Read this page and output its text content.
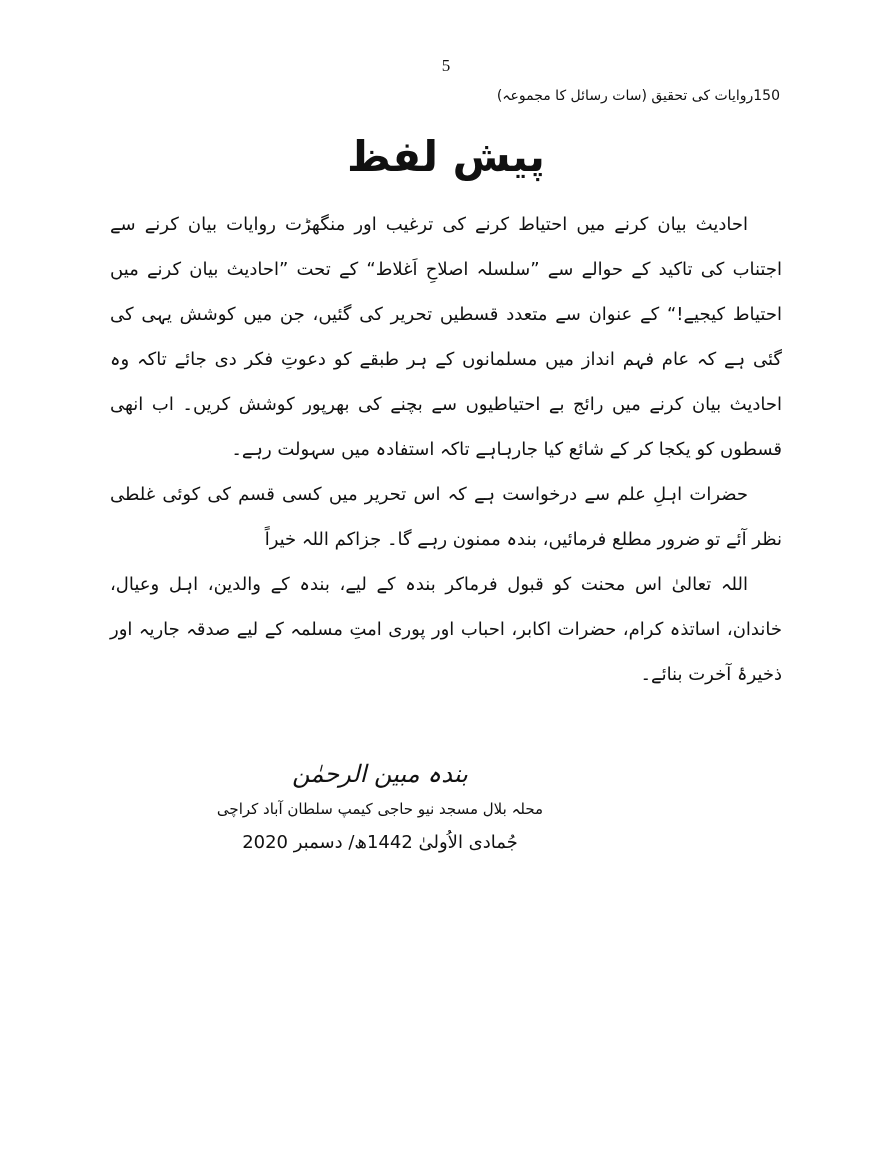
5
150روایات کی تحقیق (سات رسائل کا مجموعہ)
پیش لفظ

احادیث بیان کرنے میں احتیاط کرنے کی ترغیب اور منگھڑت روایات بیان کرنے سے اجتناب کی تاکید کے حوالے سے ”سلسلہ اصلاحِ اَغلاط“ کے تحت ”احادیث بیان کرنے میں احتیاط کیجیے!“ کے عنوان سے متعدد قسطیں تحریر کی گئیں، جن میں کوشش یہی کی گئی ہے کہ عام فہم انداز میں مسلمانوں کے ہر طبقے کو دعوتِ فکر دی جائے تاکہ وہ احادیث بیان کرنے میں رائج بے احتیاطیوں سے بچنے کی بھرپور کوشش کریں۔ اب انھی قسطوں کو یکجا کر کے شائع کیا جارہاہے تاکہ استفادہ میں سہولت رہے۔

حضرات اہلِ علم سے درخواست ہے کہ اس تحریر میں کسی قسم کی کوئی غلطی نظر آئے تو ضرور مطلع فرمائیں، بندہ ممنون رہے گا۔ جزاکم اللہ خیراً

اللہ تعالیٰ اس محنت کو قبول فرماکر بندہ کے لیے، بندہ کے والدین، اہل وعیال، خاندان، اساتذہ کرام، حضرات اکابر، احباب اور پوری امتِ مسلمہ کے لیے صدقہ جاریہ اور ذخیرۂ آخرت بنائے۔

بندہ مبین الرحمٰن
محلہ بلال مسجد نیو حاجی کیمپ سلطان آباد کراچی
جُمادی الاُولیٰ 1442ھ/ دسمبر 2020
